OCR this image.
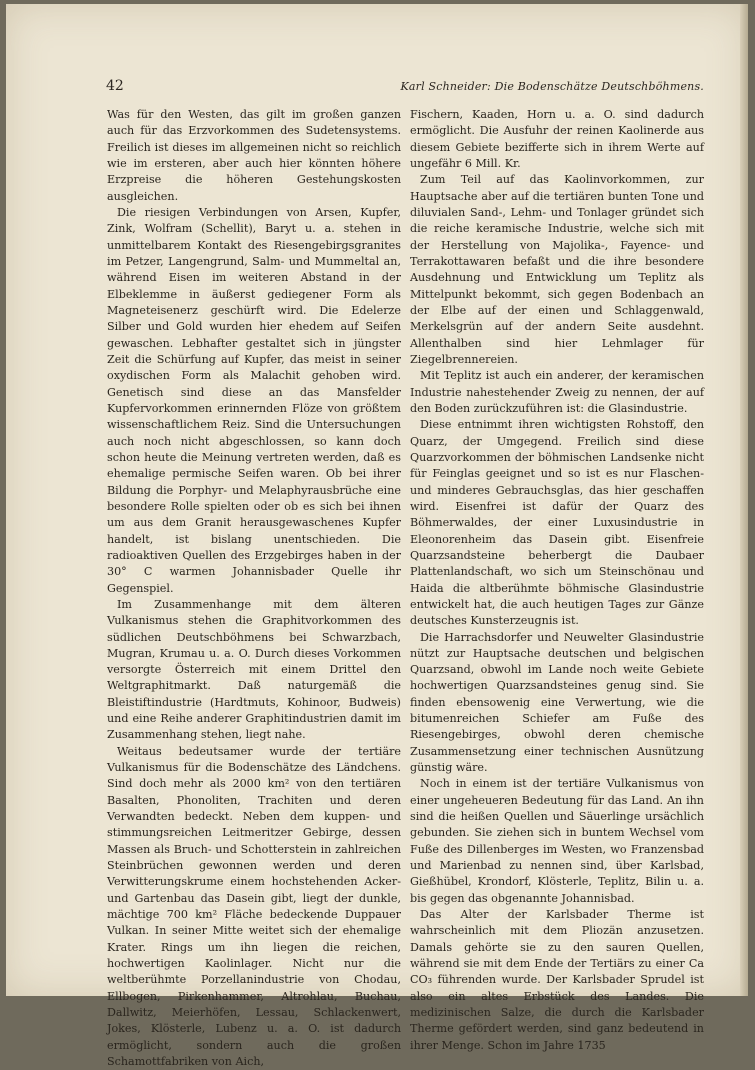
42	Karl Schneider: Die Bodenschätze Deutschböhmens.

Was für den Westen, das gilt im großen ganzen auch für das Erzvorkommen des Sudetensystems. Freilich ist dieses im allgemeinen nicht so reichlich wie im ersteren, aber auch hier könnten höhere Erzpreise die höheren Gestehungskosten ausgleichen.

Die riesigen Verbindungen von Arsen, Kupfer, Zink, Wolfram (Schellit), Baryt u. a. stehen in unmittelbarem Kontakt des Riesengebirgsgranites im Petzer, Langengrund, Salm- und Mummeltal an, während Eisen im weiteren Abstand in der Elbeklemme in äußerst gediegener Form als Magneteisenerz geschürft wird. Die Edelerze Silber und Gold wurden hier ehedem auf Seifen gewaschen. Lebhafter gestaltet sich in jüngster Zeit die Schürfung auf Kupfer, das meist in seiner oxydischen Form als Malachit gehoben wird. Genetisch sind diese an das Mansfelder Kupfervorkommen erinnernden Flöze von größtem wissenschaftlichem Reiz. Sind die Untersuchungen auch noch nicht abgeschlossen, so kann doch schon heute die Meinung vertreten werden, daß es ehemalige permische Seifen waren. Ob bei ihrer Bildung die Porphyr- und Melaphyrausbrüche eine besondere Rolle spielten oder ob es sich bei ihnen um aus dem Granit herausgewaschenes Kupfer handelt, ist bislang unentschieden. Die radioaktiven Quellen des Erzgebirges haben in der 30° C warmen Johannisbader Quelle ihr Gegenspiel.

Im Zusammenhange mit dem älteren Vulkanismus stehen die Graphitvorkommen des südlichen Deutschböhmens bei Schwarzbach, Mugran, Krumau u. a. O. Durch dieses Vorkommen versorgte Österreich mit einem Drittel den Weltgraphitmarkt. Daß naturgemäß die Bleistiftindustrie (Hardtmuts, Kohinoor, Budweis) und eine Reihe anderer Graphitindustrien damit im Zusammenhang stehen, liegt nahe.

Weitaus bedeutsamer wurde der tertiäre Vulkanismus für die Bodenschätze des Ländchens. Sind doch mehr als 2000 km² von den tertiären Basalten, Phonoliten, Trachiten und deren Verwandten bedeckt. Neben dem kuppen- und stimmungsreichen Leitmeritzer Gebirge, dessen Massen als Bruch- und Schotterstein in zahlreichen Steinbrüchen gewonnen werden und deren Verwitterungskrume einem hochstehenden Acker- und Gartenbau das Dasein gibt, liegt der dunkle, mächtige 700 km² Fläche bedeckende Duppauer Vulkan. In seiner Mitte weitet sich der ehemalige Krater. Rings um ihn liegen die reichen, hochwertigen Kaolinlager. Nicht nur die weltberühmte Porzellanindustrie von Chodau, Ellbogen, Pirkenhammer, Altrohlau, Buchau, Dallwitz, Meierhöfen, Lessau, Schlackenwert, Jokes, Klösterle, Lubenz u. a. O. ist dadurch ermöglicht, sondern auch die großen Schamottfabriken von Aich,

Fischern, Kaaden, Horn u. a. O. sind dadurch ermöglicht. Die Ausfuhr der reinen Kaolinerde aus diesem Gebiete bezifferte sich in ihrem Werte auf ungefähr 6 Mill. Kr.

Zum Teil auf das Kaolinvorkommen, zur Hauptsache aber auf die tertiären bunten Tone und diluvialen Sand-, Lehm- und Tonlager gründet sich die reiche keramische Industrie, welche sich mit der Herstellung von Majolika-, Fayence- und Terrakottawaren befaßt und die ihre besondere Ausdehnung und Entwicklung um Teplitz als Mittelpunkt bekommt, sich gegen Bodenbach an der Elbe auf der einen und Schlaggenwald, Merkelsgrün auf der andern Seite ausdehnt. Allenthalben sind hier Lehmlager für Ziegelbrennereien.

Mit Teplitz ist auch ein anderer, der keramischen Industrie nahestehender Zweig zu nennen, der auf den Boden zurückzuführen ist: die Glasindustrie.

Diese entnimmt ihren wichtigsten Rohstoff, den Quarz, der Umgegend. Freilich sind diese Quarzvorkommen der böhmischen Landsenke nicht für Feinglas geeignet und so ist es nur Flaschen- und minderes Gebrauchsglas, das hier geschaffen wird. Eisenfrei ist dafür der Quarz des Böhmerwaldes, der einer Luxusindustrie in Eleonorenheim das Dasein gibt. Eisenfreie Quarzsandsteine beherbergt die Daubaer Plattenlandschaft, wo sich um Steinschönau und Haida die altberühmte böhmische Glasindustrie entwickelt hat, die auch heutigen Tages zur Gänze deutsches Kunsterzeugnis ist.

Die Harrachsdorfer und Neuwelter Glasindustrie nützt zur Hauptsache deutschen und belgischen Quarzsand, obwohl im Lande noch weite Gebiete hochwertigen Quarzsandsteines genug sind. Sie finden ebensowenig eine Verwertung, wie die bitumenreichen Schiefer am Fuße des Riesengebirges, obwohl deren chemische Zusammensetzung einer technischen Ausnützung günstig wäre.

Noch in einem ist der tertiäre Vulkanismus von einer ungeheueren Bedeutung für das Land. An ihn sind die heißen Quellen und Säuerlinge ursächlich gebunden. Sie ziehen sich in buntem Wechsel vom Fuße des Dillenberges im Westen, wo Franzensbad und Marienbad zu nennen sind, über Karlsbad, Gießhübel, Krondorf, Klösterle, Teplitz, Bilin u. a. bis gegen das obgenannte Johannisbad.

Das Alter der Karlsbader Therme ist wahrscheinlich mit dem Pliozän anzusetzen. Damals gehörte sie zu den sauren Quellen, während sie mit dem Ende der Tertiärs zu einer Ca CO₃ führenden wurde. Der Karlsbader Sprudel ist also ein altes Erbstück des Landes. Die medizinischen Salze, die durch die Karlsbader Therme gefördert werden, sind ganz bedeutend in ihrer Menge. Schon im Jahre 1735
